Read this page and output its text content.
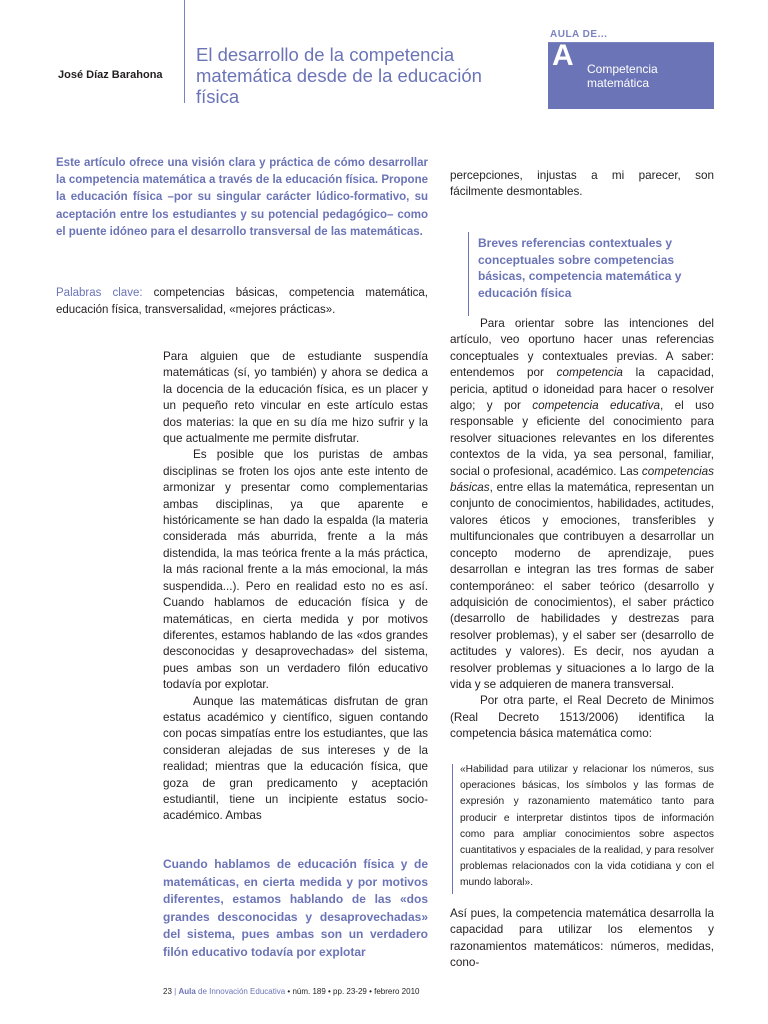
José Díaz Barahona
El desarrollo de la competencia matemática desde de la educación física
AULA DE...
A Competencia matemática
Este artículo ofrece una visión clara y práctica de cómo desarrollar la competencia matemática a través de la educación física. Propone la educación física –por su singular carácter lúdico-formativo, su aceptación entre los estudiantes y su potencial pedagógico– como el puente idóneo para el desarrollo transversal de las matemáticas.
Palabras clave: competencias básicas, competencia matemática, educación física, transversalidad, «mejores prácticas».

Para alguien que de estudiante suspendía matemáticas (sí, yo también) y ahora se dedica a la docencia de la educación física, es un placer y un pequeño reto vincular en este artículo estas dos materias: la que en su día me hizo sufrir y la que actualmente me permite disfrutar.

Es posible que los puristas de ambas disciplinas se froten los ojos ante este intento de armonizar y presentar como complementarias ambas disciplinas, ya que aparente e históricamente se han dado la espalda (la materia considerada más aburrida, frente a la más distendida, la mas teórica frente a la más práctica, la más racional frente a la más emocional, la más suspendida...). Pero en realidad esto no es así. Cuando hablamos de educación física y de matemáticas, en cierta medida y por motivos diferentes, estamos hablando de las «dos grandes desconocidas y desaprovechadas» del sistema, pues ambas son un verdadero filón educativo todavía por explotar.

Aunque las matemáticas disfrutan de gran estatus académico y científico, siguen contando con pocas simpatías entre los estudiantes, que las consideran alejadas de sus intereses y de la realidad; mientras que la educación física, que goza de gran predicamento y aceptación estudiantil, tiene un incipiente estatus socio-académico. Ambas

Cuando hablamos de educación física y de matemáticas, en cierta medida y por motivos diferentes, estamos hablando de las «dos grandes desconocidas y desaprovechadas» del sistema, pues ambas son un verdadero filón educativo todavía por explotar
percepciones, injustas a mi parecer, son fácilmente desmontables.
Breves referencias contextuales y conceptuales sobre competencias básicas, competencia matemática y educación física

Para orientar sobre las intenciones del artículo, veo oportuno hacer unas referencias conceptuales y contextuales previas. A saber: entendemos por competencia la capacidad, pericia, aptitud o idoneidad para hacer o resolver algo; y por competencia educativa, el uso responsable y eficiente del conocimiento para resolver situaciones relevantes en los diferentes contextos de la vida, ya sea personal, familiar, social o profesional, académico. Las competencias básicas, entre ellas la matemática, representan un conjunto de conocimientos, habilidades, actitudes, valores éticos y emociones, transferibles y multifuncionales que contribuyen a desarrollar un concepto moderno de aprendizaje, pues desarrollan e integran las tres formas de saber contemporáneo: el saber teórico (desarrollo y adquisición de conocimientos), el saber práctico (desarrollo de habilidades y destrezas para resolver problemas), y el saber ser (desarrollo de actitudes y valores). Es decir, nos ayudan a resolver problemas y situaciones a lo largo de la vida y se adquieren de manera transversal.

Por otra parte, el Real Decreto de Minimos (Real Decreto 1513/2006) identifica la competencia básica matemática como:

«Habilidad para utilizar y relacionar los números, sus operaciones básicas, los símbolos y las formas de expresión y razonamiento matemático tanto para producir e interpretar distintos tipos de información como para ampliar conocimientos sobre aspectos cuantitativos y espaciales de la realidad, y para resolver problemas relacionados con la vida cotidiana y con el mundo laboral».
Así pues, la competencia matemática desarrolla la capacidad para utilizar los elementos y razonamientos matemáticos: números, medidas, cono-
23 | Aula de Innovación Educativa • núm. 189 • pp. 23-29 • febrero 2010
